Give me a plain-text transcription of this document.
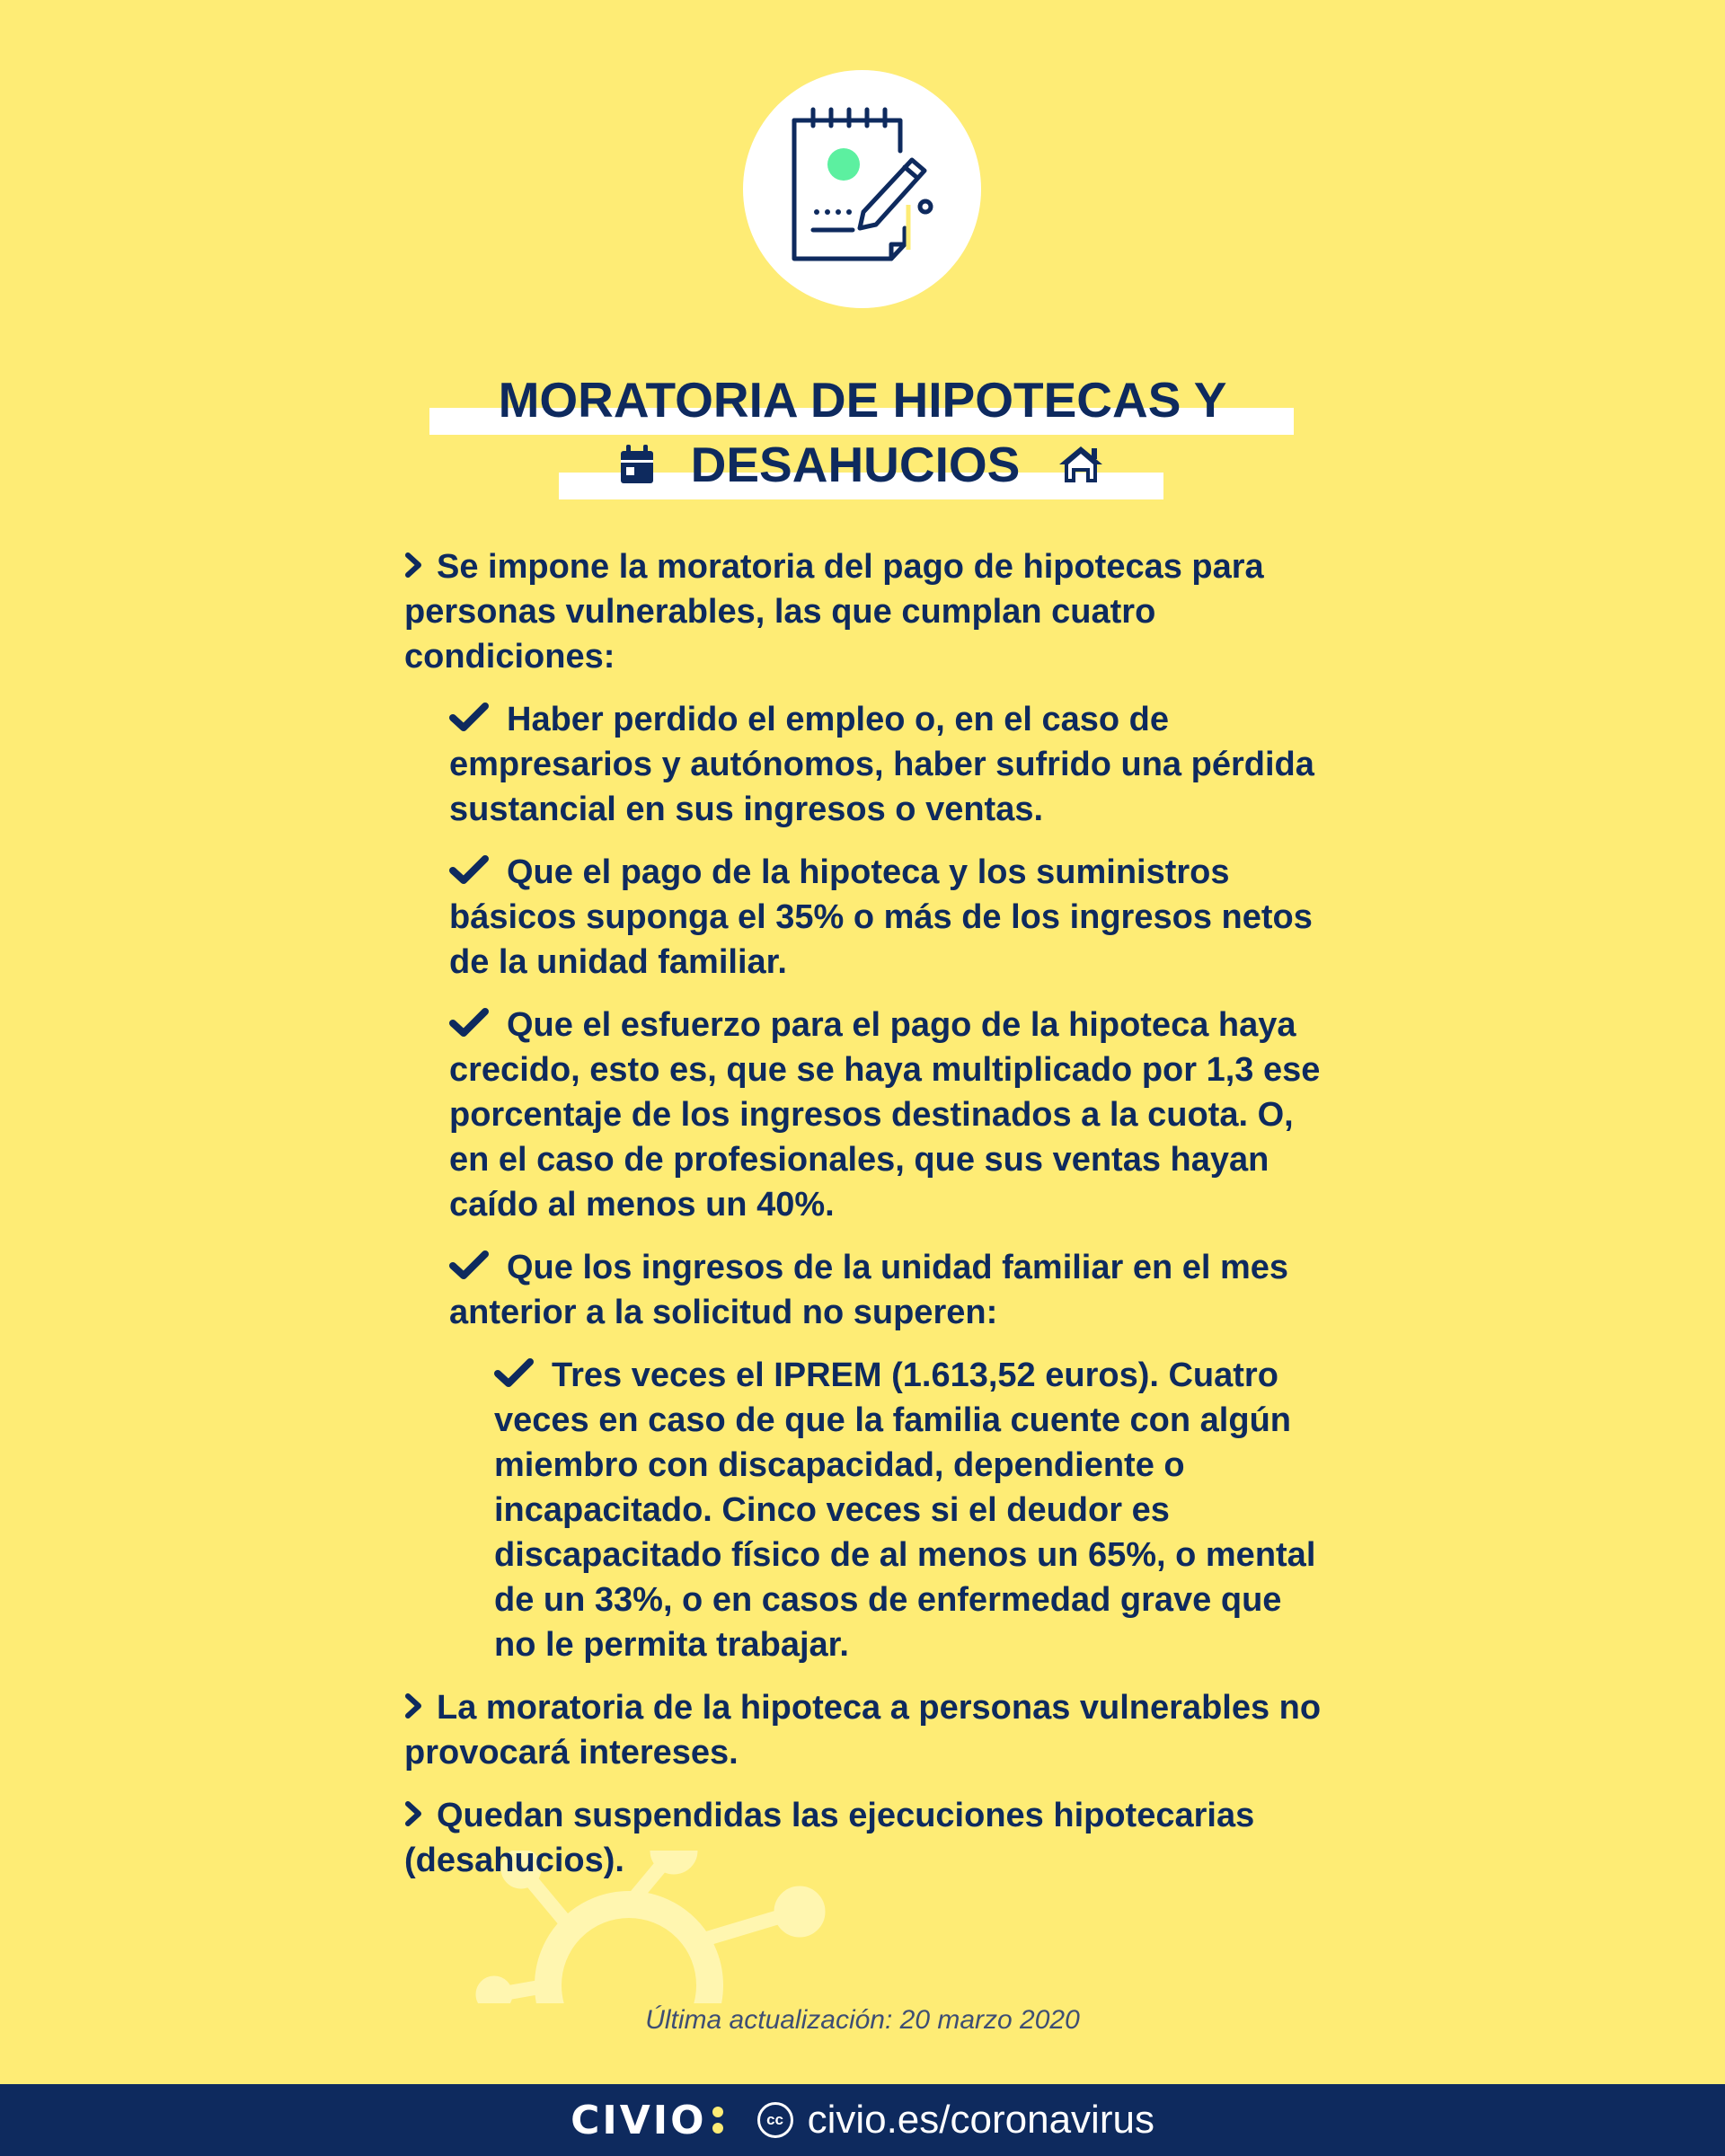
MORATORIA DE HIPOTECAS Y
DESAHUCIOS
Se impone la moratoria del pago de hipotecas para personas vulnerables, las que cumplan cuatro condiciones:
Haber perdido el empleo o, en el caso de empresarios y autónomos, haber sufrido una pérdida sustancial en sus ingresos o ventas.
Que el pago de la hipoteca y los suministros básicos suponga el 35% o más de los ingresos netos de la unidad familiar.
Que el esfuerzo para el pago de la hipoteca haya crecido, esto es, que se haya multiplicado por 1,3 ese porcentaje de los ingresos destinados a la cuota. O, en el caso de profesionales, que sus ventas hayan caído al menos un 40%.
Que los ingresos de la unidad familiar en el mes anterior a la solicitud no superen:
Tres veces el IPREM (1.613,52 euros). Cuatro veces en caso de que la familia cuente con algún miembro con discapacidad, dependiente o incapacitado. Cinco veces si el deudor es discapacitado físico de al menos un 65%, o mental de un 33%, o en casos de enfermedad grave que no le permita trabajar.
La moratoria de la hipoteca a personas vulnerables no provocará intereses.
Quedan suspendidas las ejecuciones hipotecarias (desahucios).
Última actualización: 20 marzo 2020
CIVIO	cc civio.es/coronavirus
